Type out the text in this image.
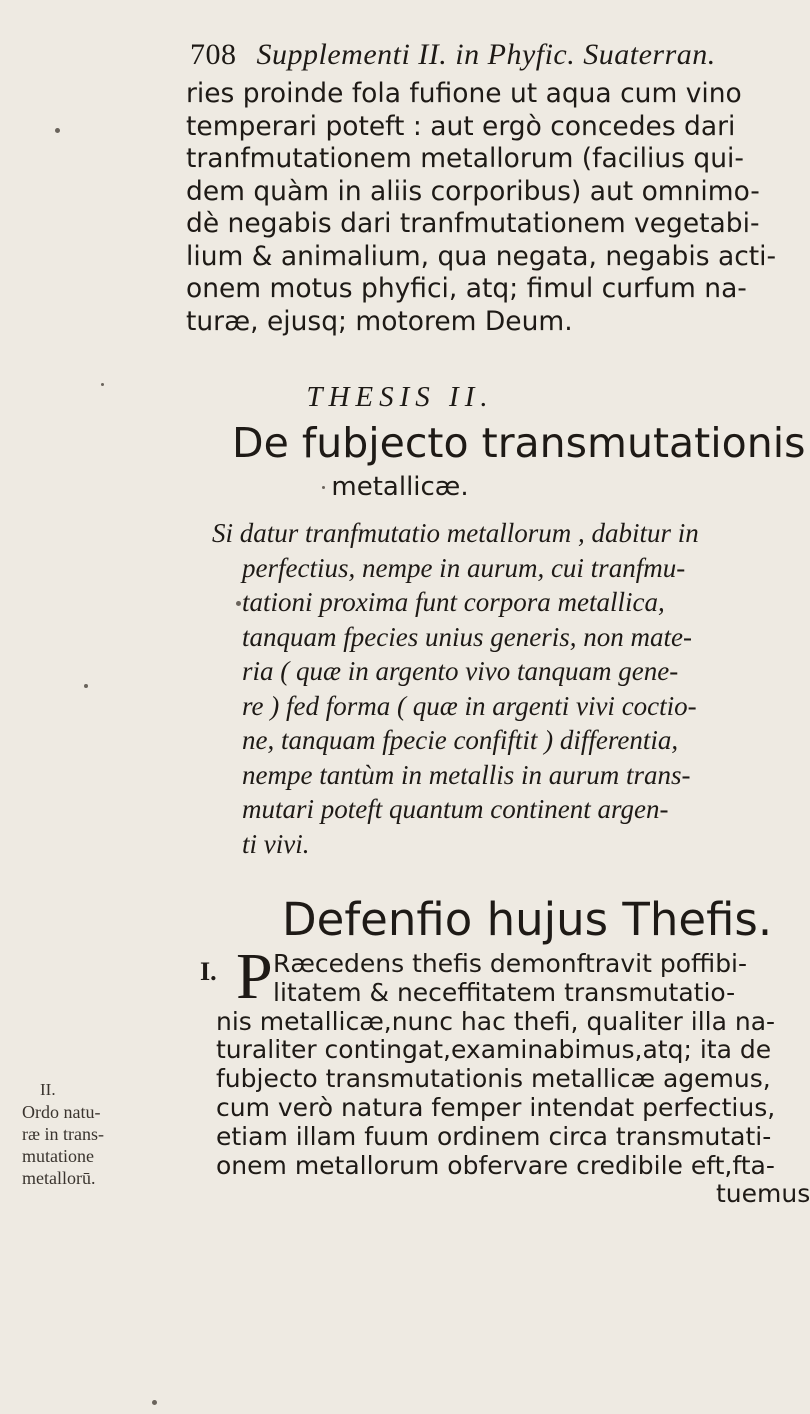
708 Supplementi II. in Phyfic. Suaterran.
ries proinde fola fufione ut aqua cum vino
temperari poteft : aut ergò concedes dari
tranfmutationem metallorum (facilius qui-
dem quàm in aliis corporibus) aut omnimo-
dè negabis dari tranfmutationem vegetabi-
lium & animalium, qua negata, negabis acti-
onem motus phyfici, atq; fimul curfum na-
turæ, ejusq; motorem Deum.
THESIS II.
De fubjecto transmutationis
metallicæ.
Si datur tranfmutatio metallorum , dabitur in
perfectius, nempe in aurum, cui tranfmu-
tationi proxima funt corpora metallica,
tanquam fpecies unius generis, non mate-
ria ( quæ in argento vivo tanquam gene-
re ) fed forma ( quæ in argenti vivi coctio-
ne, tanquam fpecie confiftit ) differentia,
nempe tantùm in metallis in aurum trans-
mutari poteft quantum continent argen-
ti vivi.
Defenfio hujus Thefis.
I. P Ræcedens thefis demonftravit poffibi-
litatem & neceffitatem transmutatio-
nis metallicæ,nunc hac thefi, qualiter illa na-
turaliter contingat,examinabimus,atq; ita de
fubjecto transmutationis metallicæ agemus,
cum verò natura femper intendat perfectius,
etiam illam fuum ordinem circa transmutati-
onem metallorum obfervare credibile eft,fta-
tuemus
II.
Ordo natu-
ræ in trans-
mutatione
metallorū.
